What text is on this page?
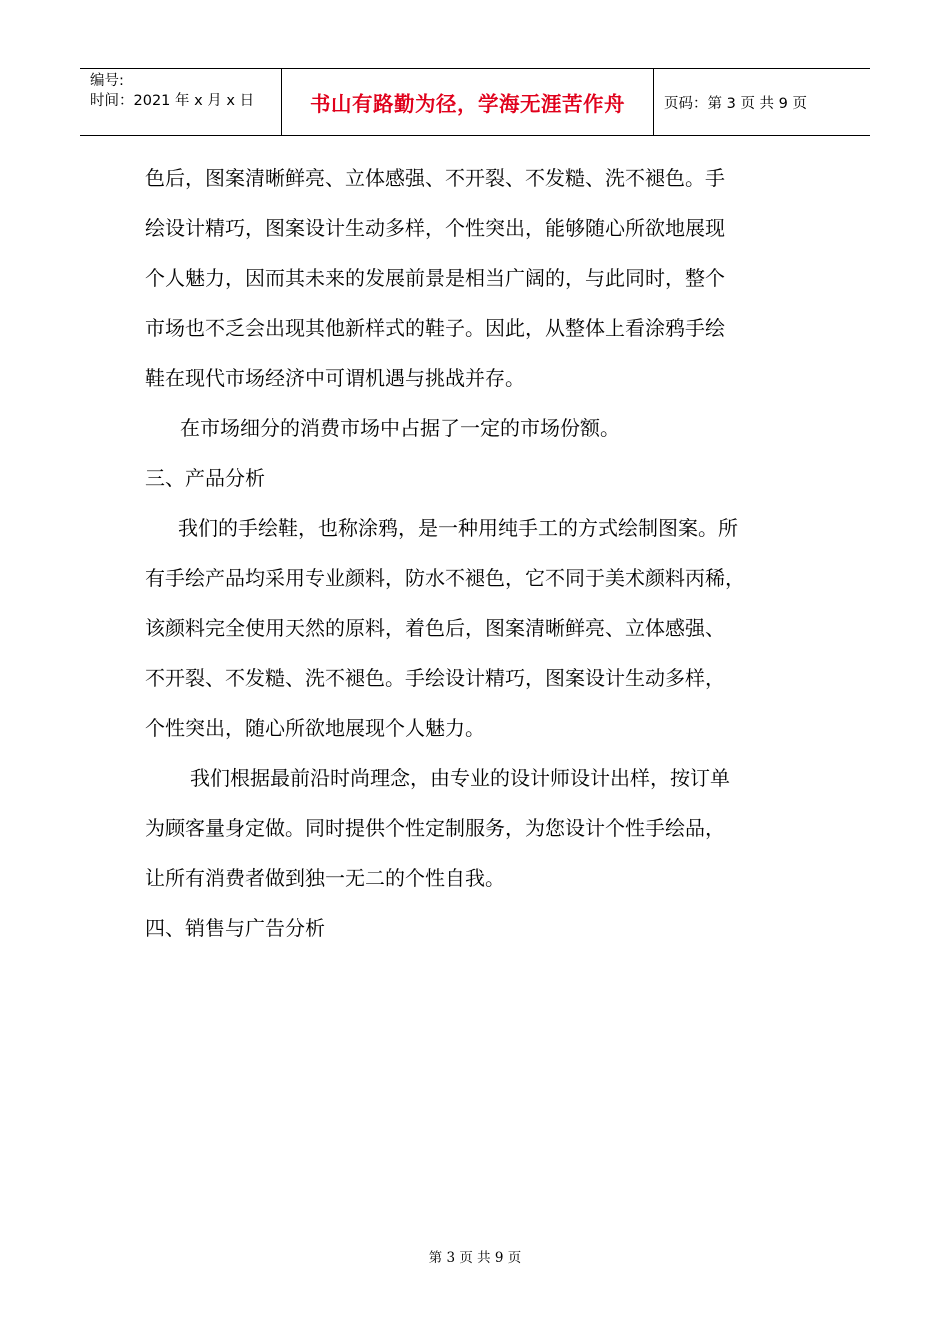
编号:
时间：2021 年 x 月 x 日	书山有路勤为径，学海无涯苦作舟	页码：第 3 页 共 9 页
色后，图案清晰鲜亮、立体感强、不开裂、不发糙、洗不褪色。手
绘设计精巧，图案设计生动多样，个性突出，能够随心所欲地展现
个人魅力，因而其未来的发展前景是相当广阔的，与此同时，整个
市场也不乏会出现其他新样式的鞋子。因此，从整体上看涂鸦手绘
鞋在现代市场经济中可谓机遇与挑战并存。
在市场细分的消费市场中占据了一定的市场份额。
三、产品分析
我们的手绘鞋，也称涂鸦，是一种用纯手工的方式绘制图案。所
有手绘产品均采用专业颜料，防水不褪色，它不同于美术颜料丙稀，
该颜料完全使用天然的原料，着色后，图案清晰鲜亮、立体感强、
不开裂、不发糙、洗不褪色。手绘设计精巧，图案设计生动多样，
个性突出，随心所欲地展现个人魅力。
我们根据最前沿时尚理念，由专业的设计师设计出样，按订单
为顾客量身定做。同时提供个性定制服务，为您设计个性手绘品，
让所有消费者做到独一无二的个性自我。
四、销售与广告分析
第 3 页 共 9 页
